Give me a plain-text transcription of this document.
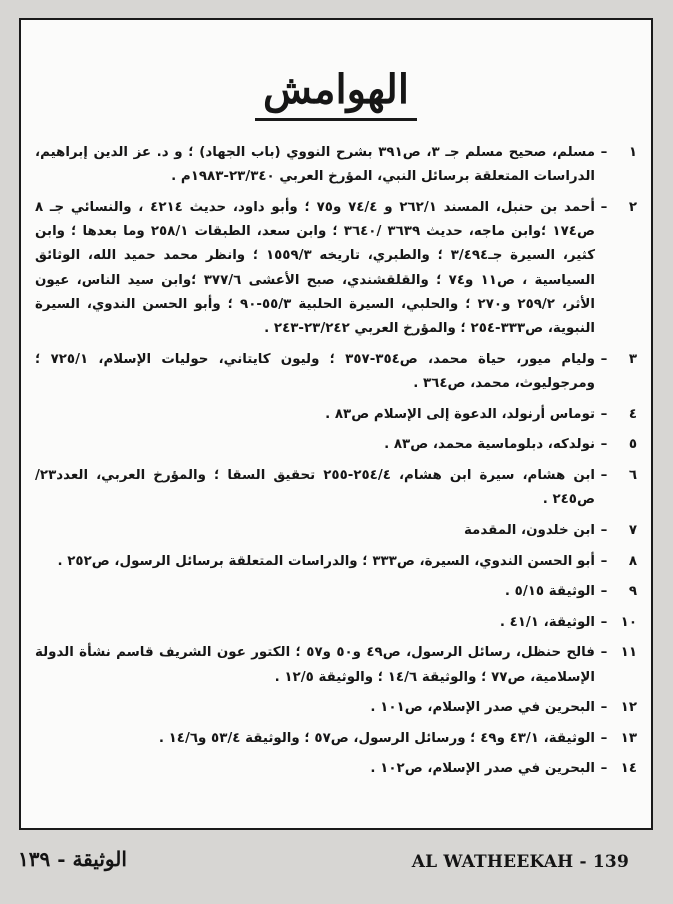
الهوامش
١
–
مسلم، صحيح مسلم جـ ٣، ص٣٩١ بشرح النووي (باب الجهاد) ؛ و د. عز الدين إبراهيم، الدراسات المتعلقة برسائل النبي، المؤرخ العربي ٢٣/٣٤٠-١٩٨٣م .
٢
–
أحمد بن حنبل، المسند ٢٦٢/١ و ٧٤/٤ و٧٥ ؛ وأبو داود، حديث ٤٢١٤ ، والنسائي جـ ٨ ص١٧٤ ؛وابن ماجه، حديث ٣٦٣٩ /٣٦٤٠ ؛ وابن سعد، الطبقات ٢٥٨/١ وما بعدها ؛ وابن كثير، السيرة جـ٣/٤٩٤ ؛ والطبري، تاريخه ١٥٥٩/٣ ؛ وانظر محمد حميد الله، الوثائق السياسية ، ص١١ و٧٤ ؛ والقلقشندي، صبح الأعشى ٣٧٧/٦ ؛وابن سيد الناس، عيون الأثر، ٢٥٩/٢ و٢٧٠ ؛ والحلبي، السيرة الحلبية ٥٥/٣-٩٠ ؛ وأبو الحسن الندوي، السيرة النبوية، ص٣٣٣-٢٥٤ ؛ والمؤرخ العربي ٢٣/٢٤٢-٢٤٣ .
٣
–
وليام ميور، حياة محمد، ص٣٥٤-٣٥٧ ؛ وليون كايتاني، حوليات الإسلام، ٧٢٥/١ ؛ ومرجوليوث، محمد، ص٣٦٤ .
٤
–
توماس أرنولد، الدعوة إلى الإسلام ص٨٣ .
٥
–
نولدكه، دبلوماسية محمد، ص٨٣ .
٦
–
ابن هشام، سيرة ابن هشام، ٢٥٤/٤-٢٥٥ تحقيق السقا ؛ والمؤرخ العربي، العدد٢٣/ص٢٤٥ .
٧
–
ابن خلدون، المقدمة
٨
–
أبو الحسن الندوي، السيرة، ص٣٣٣ ؛ والدراسات المتعلقة برسائل الرسول، ص٢٥٢ .
٩
–
الوثيقة ٥/١٥ .
١٠
–
الوثيقة، ٤١/١ .
١١
–
فالح حنظل، رسائل الرسول، ص٤٩ و٥٠ و٥٧ ؛ الكتور عون الشريف قاسم نشأة الدولة الإسلامية، ص٧٧ ؛ والوثيقة ١٤/٦ ؛ والوثيقة ١٢/٥ .
١٢
–
البحرين في صدر الإسلام، ص١٠١ .
١٣
–
الوثيقة، ٤٣/١ و٤٩ ؛ ورسائل الرسول، ص٥٧ ؛ والوثيقة ٥٣/٤ و١٤/٦ .
١٤
–
البحرين في صدر الإسلام، ص١٠٢ .
AL WATHEEKAH - 139
الوثيقة - ١٣٩
